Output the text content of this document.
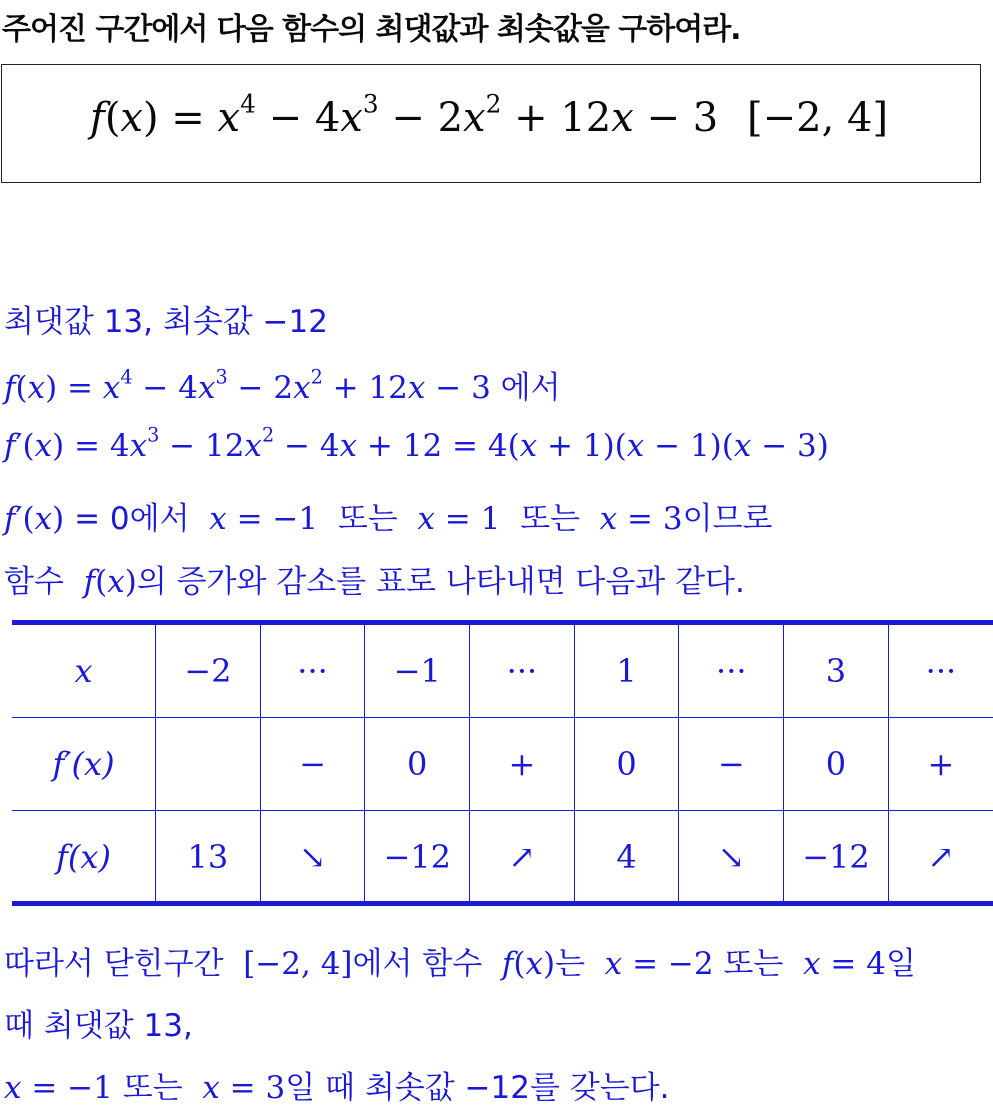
주어진 구간에서 다음 함수의 최댓값과 최솟값을 구하여라.
$f(x) = x^4 - 4x^3 - 2x^2 + 12x - 3$ [−2, 4]
최댓값 13, 최솟값 −12
$f(x) = x^4 - 4x^3 - 2x^2 + 12x - 3$ 에서
$f'(x) = 4x^3 - 12x^2 - 4x + 12 = 4(x + 1)(x - 1)(x - 3)$
f′(x) = 0에서 x = −1  또는 x = 1  또는 x = 3이므로
함수 f(x)의 증가와 감소를 표로 나타내면 다음과 같다.
x	−2	···	−1	···	1	···	3	···
f′(x)		−	0	+	0	−	0	+
f(x)	13	↘	−12	↗	4	↘	−12	↗
따라서 닫힌구간 [−2, 4]에서 함수 f(x)는 x = −2 또는 x = 4일
때 최댓값 13,
x = −1 또는 x = 3일 때 최솟값 −12를 갖는다.
